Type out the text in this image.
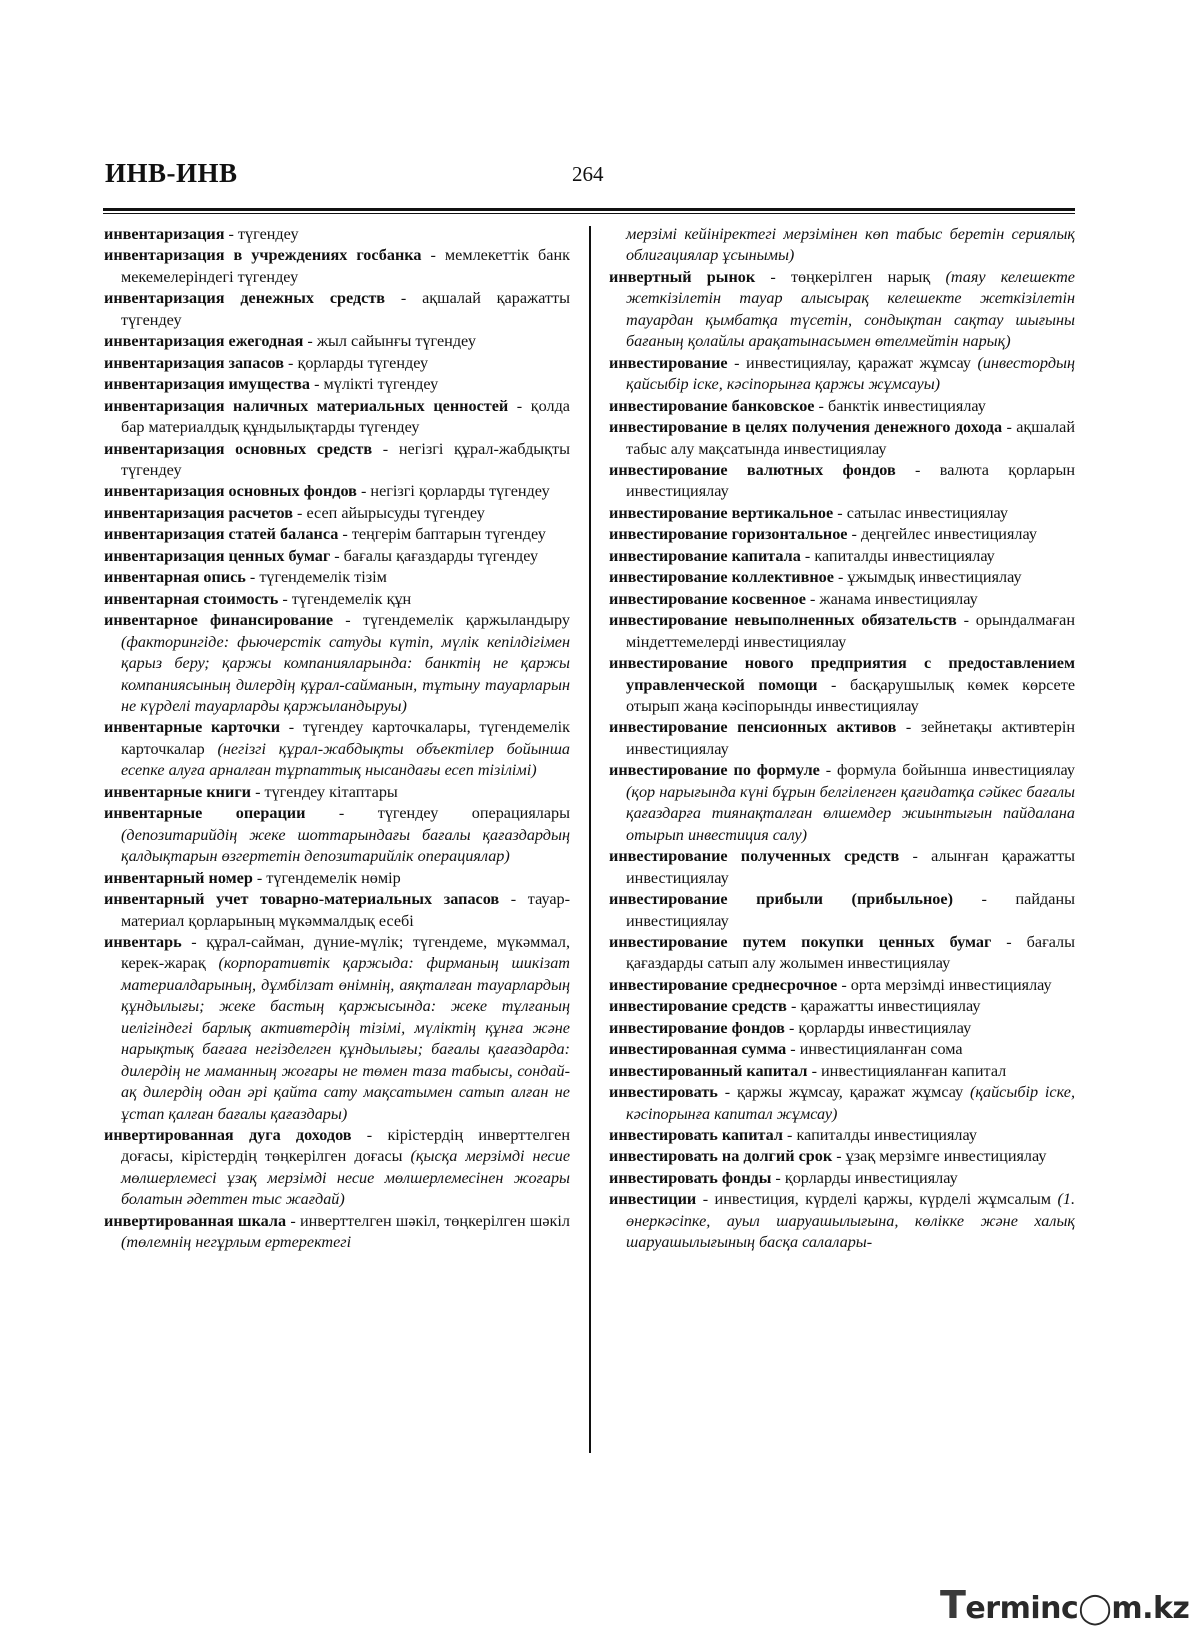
ИНВ-ИНВ	264
инвентаризация - түгендеу
инвентаризация в учреждениях госбанка - мемлекеттік банк мекемелеріндегі түгендеу
инвентаризация денежных средств - ақшалай қаражатты түгендеу
инвентаризация ежегодная - жыл сайынғы түгендеу
инвентаризация запасов - қорларды түгендеу
инвентаризация имущества - мүлікті түгендеу
инвентаризация наличных материальных ценностей - қолда бар материалдық құндылықтарды түгендеу
инвентаризация основных средств - негізгі құрал-жабдықты түгендеу
инвентаризация основных фондов - негізгі қорларды түгендеу
инвентаризация расчетов - есеп айырысуды түгендеу
инвентаризация статей баланса - теңгерім баптарын түгендеу
инвентаризация ценных бумаг - бағалы қағаздарды түгендеу
инвентарная опись - түгендемелік тізім
инвентарная стоимость - түгендемелік құн
инвентарное финансирование - түгендемелік қаржыландыру (факторингіде: фьючерстік сатуды күтіп, мүлік кепілдігімен қарыз беру; қаржы компанияларында: банктің не қаржы компаниясының дилердің құрал-сайманын, тұтыну тауарларын не күрделі тауарларды қаржыландыруы)
инвентарные карточки - түгендеу карточкалары, түгендемелік карточкалар (негізгі құрал-жабдықты объектілер бойынша есепке алуға арналған тұрпаттық нысандағы есеп тізілімі)
инвентарные книги - түгендеу кітаптары
инвентарные операции - түгендеу операциялары (депозитарийдің жеке шоттарындағы бағалы қағаздардың қалдықтарын өзгертетін депозитарийлік операциялар)
инвентарный номер - түгендемелік нөмір
инвентарный учет товарно-материальных запасов - тауар-материал қорларының мүкәммалдық есебі
инвентарь - құрал-сайман, дүние-мүлік; түгендеме, мүкәммал, керек-жарақ (корпоративтік қаржыда: фирманың шикізат материалдарының, дұмбілзат өнімнің, аяқталған тауарлардың құндылығы; жеке бастың қаржысында: жеке тұлғаның иелігіндегі барлық активтердің тізімі, мүліктің құнға және нарықтық бағаға негізделген құндылығы; бағалы қағаздарда: дилердің не маманның жоғары не төмен таза табысы, сондай-ақ дилердің одан әрі қайта сату мақсатымен сатып алған не ұстап қалған бағалы қағаздары)
инвертированная дуга доходов - кірістердің инверттелген доғасы, кірістердің төңкерілген доғасы (қысқа мерзімді несие мөлшерлемесі ұзақ мерзімді несие мөлшерлемесінен жоғары болатын әдеттен тыс жағдай)
инвертированная шкала - инверттелген шәкіл, төңкерілген шәкіл (төлемнің негұрлым ертеректегі
мерзімі кейініректегі мерзімінен көп табыс беретін сериялық облигациялар ұсынымы)
инвертный рынок - төңкерілген нарық (таяу келешекте жеткізілетін тауар алысырақ келешекте жеткізілетін тауардан қымбатқа түсетін, сондықтан сақтау шығыны бағаның қолайлы арақатынасымен өтелмейтін нарық)
инвестирование - инвестициялау, қаражат жұмсау (инвестордың қайсыбір іске, кәсіпорынға қаржы жұмсауы)
инвестирование банковское - банктік инвестициялау
инвестирование в целях получения денежного дохода - ақшалай табыс алу мақсатында инвестициялау
инвестирование валютных фондов - валюта қорларын инвестициялау
инвестирование вертикальное - сатылас инвестициялау
инвестирование горизонтальное - деңгейлес инвестициялау
инвестирование капитала - капиталды инвестициялау
инвестирование коллективное - ұжымдық инвестициялау
инвестирование косвенное - жанама инвестициялау
инвестирование невыполненных обязательств - орындалмаған міндеттемелерді инвестициялау
инвестирование нового предприятия с предоставлением управленческой помощи - басқарушылық көмек көрсете отырып жаңа кәсіпорынды инвестициялау
инвестирование пенсионных активов - зейнетақы активтерін инвестициялау
инвестирование по формуле - формула бойынша инвестициялау (қор нарығында күні бұрын белгіленген қағидатқа сәйкес бағалы қағаздарға тиянақталған өлшемдер жиынтығын пайдалана отырып инвестиция салу)
инвестирование полученных средств - алынған қаражатты инвестициялау
инвестирование прибыли (прибыльное) - пайданы инвестициялау
инвестирование путем покупки ценных бумаг - бағалы қағаздарды сатып алу жолымен инвестициялау
инвестирование среднесрочное - орта мерзімді инвестициялау
инвестирование средств - қаражатты инвестициялау
инвестирование фондов - қорларды инвестициялау
инвестированная сумма - инвестицияланған сома
инвестированный капитал - инвестицияланған капитал
инвестировать - қаржы жұмсау, қаражат жұмсау (қайсыбір іске, кәсіпорынға капитал жұмсау)
инвестировать капитал - капиталды инвестициялау
инвестировать на долгий срок - ұзақ мерзімге инвестициялау
инвестировать фонды - қорларды инвестициялау
инвестиции - инвестиция, күрделі қаржы, күрделі жұмсалым (1. өнеркәсіпке, ауыл шаруашылығына, көлікке және халық шаруашылығының басқа салалары-
Terminc◯m.kz
